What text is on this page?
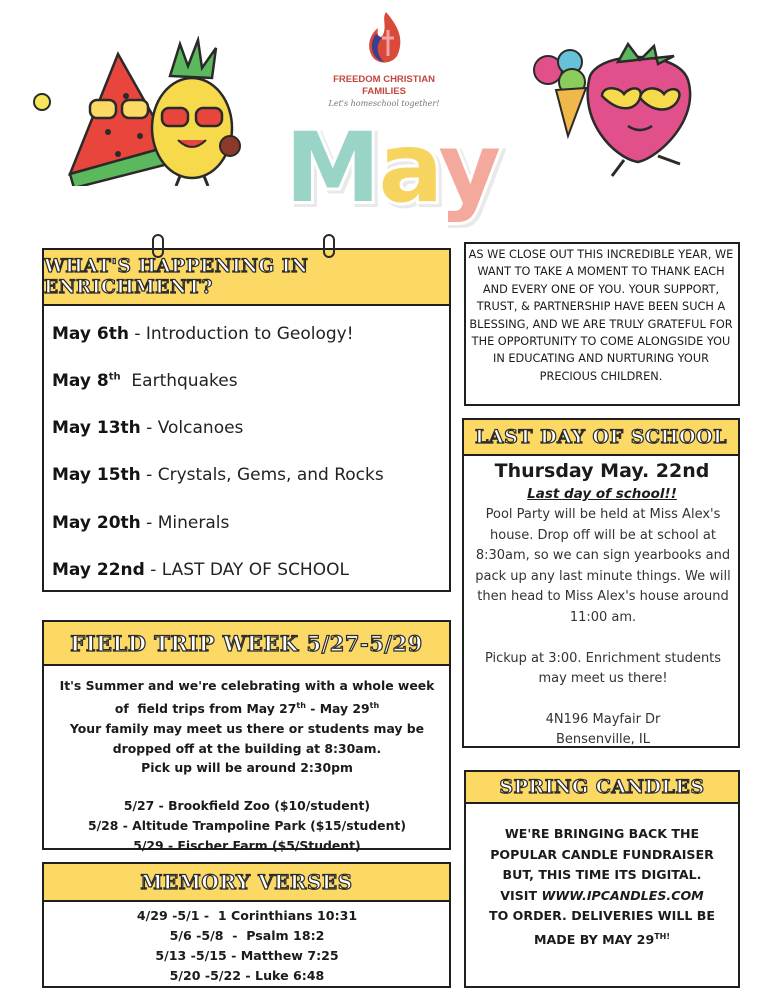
FREEDOM CHRISTIAN
FAMILIES
Let's homeschool together!
May
WHAT'S HAPPENING IN ENRICHMENT?
May 6th - Introduction to Geology!
May 8th Earthquakes
May 13th - Volcanoes
May 15th - Crystals, Gems, and Rocks
May 20th - Minerals
May 22nd - LAST DAY OF SCHOOL
AS WE CLOSE OUT THIS INCREDIBLE YEAR, WE WANT TO TAKE A MOMENT TO THANK EACH AND EVERY ONE OF YOU. YOUR SUPPORT, TRUST, & PARTNERSHIP HAVE BEEN SUCH A BLESSING, AND WE ARE TRULY GRATEFUL FOR THE OPPORTUNITY TO COME ALONGSIDE YOU IN EDUCATING AND NURTURING YOUR PRECIOUS CHILDREN.
LAST DAY OF SCHOOL
Thursday May. 22nd
Last day of school!!
Pool Party will be held at Miss Alex's house. Drop off will be at school at 8:30am, so we can sign yearbooks and pack up any last minute things. We will then head to Miss Alex's house around 11:00 am.
Pickup at 3:00. Enrichment students may meet us there!
4N196 Mayfair Dr
Bensenville, IL
FIELD TRIP WEEK 5/27-5/29
It's Summer and we're celebrating with a whole week
of  field trips from May 27th - May 29th
Your family may meet us there or students may be
dropped off at the building at 8:30am.
Pick up will be around 2:30pm
5/27 - Brookfield Zoo ($10/student)
5/28 - Altitude Trampoline Park ($15/student)
5/29 - Fischer Farm ($5/Student)
MEMORY VERSES
4/29 -5/1 -  1 Corinthians 10:31
5/6 -5/8  -  Psalm 18:2
5/13 -5/15 - Matthew 7:25
5/20 -5/22 - Luke 6:48
SPRING CANDLES
WE'RE BRINGING BACK THE
POPULAR CANDLE FUNDRAISER
BUT, THIS TIME ITS DIGITAL.
VISIT WWW.IPCANDLES.COM
TO ORDER. DELIVERIES WILL BE
MADE BY MAY $29^{TH!}$
